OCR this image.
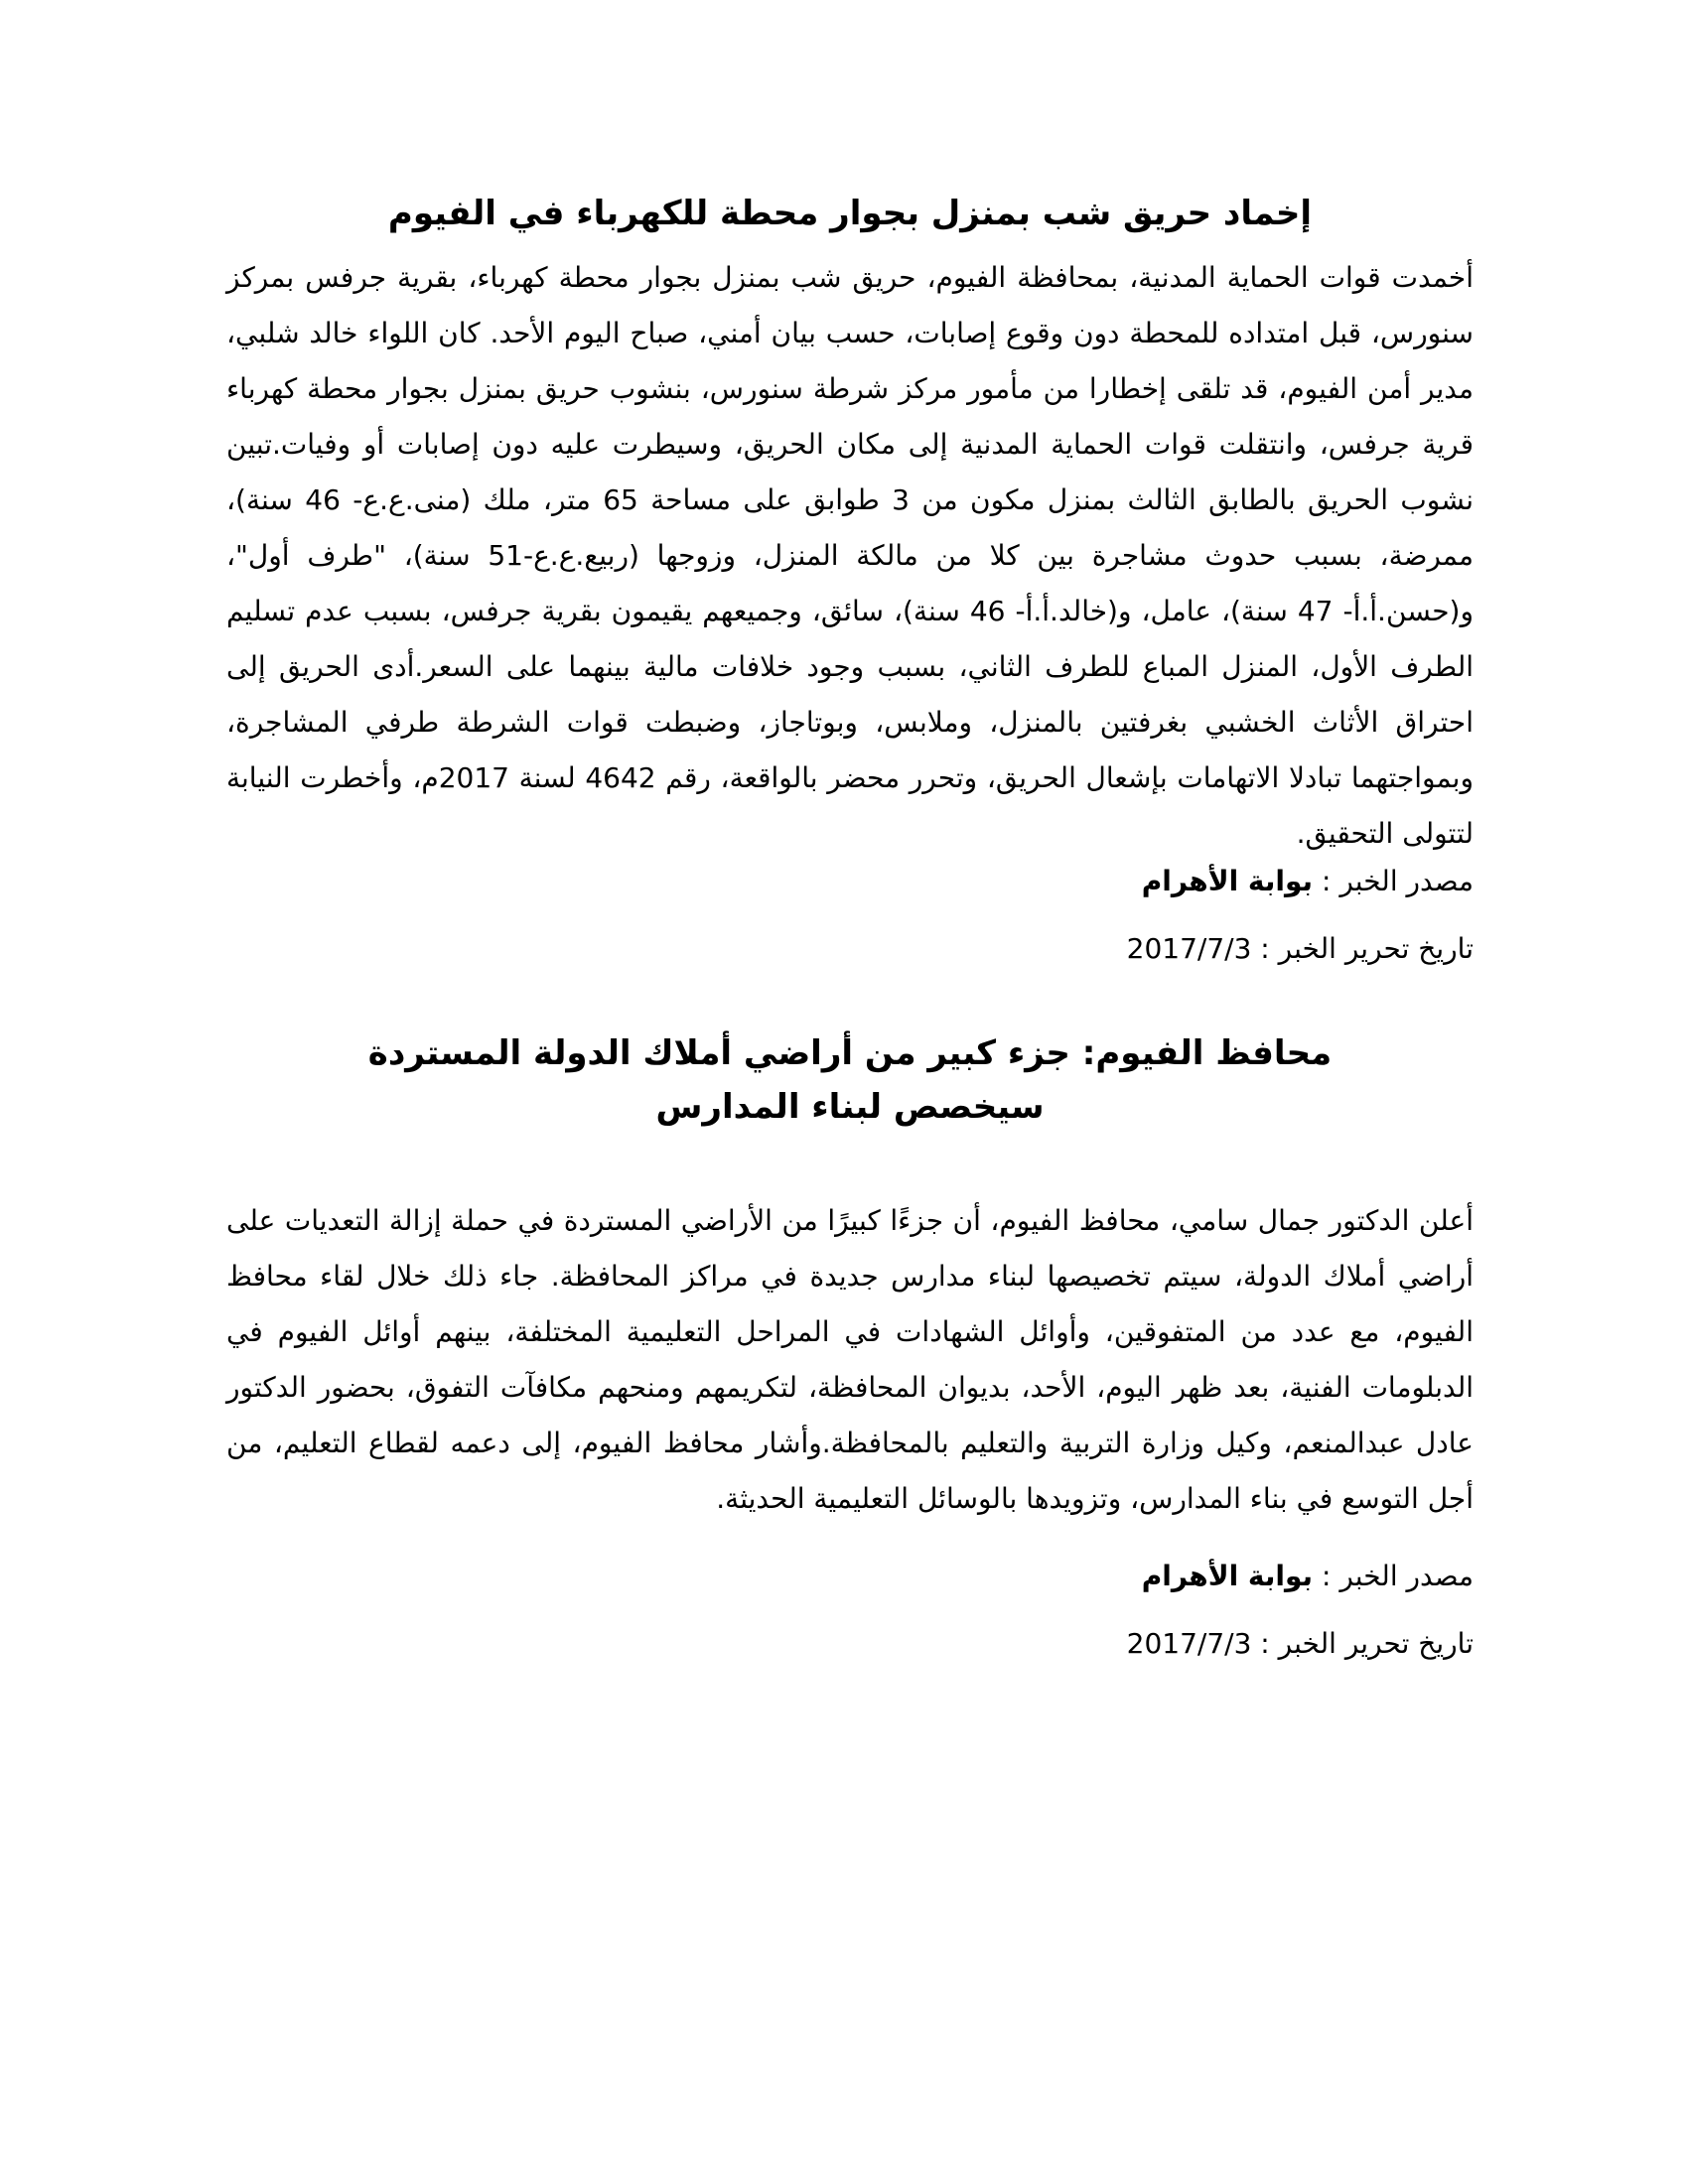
إخماد حريق شب بمنزل بجوار محطة للكهرباء في الفيوم

أخمدت قوات الحماية المدنية، بمحافظة الفيوم، حريق شب بمنزل بجوار محطة كهرباء، بقرية جرفس بمركز سنورس، قبل امتداده للمحطة دون وقوع إصابات، حسب بيان أمني، صباح اليوم الأحد. كان اللواء خالد شلبي، مدير أمن الفيوم، قد تلقى إخطارا من مأمور مركز شرطة سنورس، بنشوب حريق بمنزل بجوار محطة كهرباء قرية جرفس، وانتقلت قوات الحماية المدنية إلى مكان الحريق، وسيطرت عليه دون إصابات أو وفيات.تبين نشوب الحريق بالطابق الثالث بمنزل مكون من 3 طوابق على مساحة 65 متر، ملك (منى.ع.ع- 46 سنة)، ممرضة، بسبب حدوث مشاجرة بين كلا من مالكة المنزل، وزوجها (ربيع.ع.ع-51 سنة)، "طرف أول"، و(حسن.أ.أ- 47 سنة)، عامل، و(خالد.أ.أ- 46 سنة)، سائق، وجميعهم يقيمون بقرية جرفس، بسبب عدم تسليم الطرف الأول، المنزل المباع للطرف الثاني، بسبب وجود خلافات مالية بينهما على السعر.أدى الحريق إلى احتراق الأثاث الخشبي بغرفتين بالمنزل، وملابس، وبوتاجاز، وضبطت قوات الشرطة طرفي المشاجرة، وبمواجتهما تبادلا الاتهامات بإشعال الحريق، وتحرر محضر بالواقعة، رقم 4642 لسنة 2017م، وأخطرت النيابة لتتولى التحقيق.

مصدر الخبر : بوابة الأهرام

تاريخ تحرير الخبر : 2017/7/3

محافظ الفيوم: جزء كبير من أراضي أملاك الدولة المستردة سيخصص لبناء المدارس

أعلن الدكتور جمال سامي، محافظ الفيوم، أن جزءًا كبيرًا من الأراضي المستردة في حملة إزالة التعديات على أراضي أملاك الدولة، سيتم تخصيصها لبناء مدارس جديدة في مراكز المحافظة. جاء ذلك خلال لقاء محافظ الفيوم، مع عدد من المتفوقين، وأوائل الشهادات في المراحل التعليمية المختلفة، بينهم أوائل الفيوم في الدبلومات الفنية، بعد ظهر اليوم، الأحد، بديوان المحافظة، لتكريمهم ومنحهم مكافآت التفوق، بحضور الدكتور عادل عبدالمنعم، وكيل وزارة التربية والتعليم بالمحافظة.وأشار محافظ الفيوم، إلى دعمه لقطاع التعليم، من أجل التوسع في بناء المدارس، وتزويدها بالوسائل التعليمية الحديثة.

مصدر الخبر : بوابة الأهرام

تاريخ تحرير الخبر : 2017/7/3
